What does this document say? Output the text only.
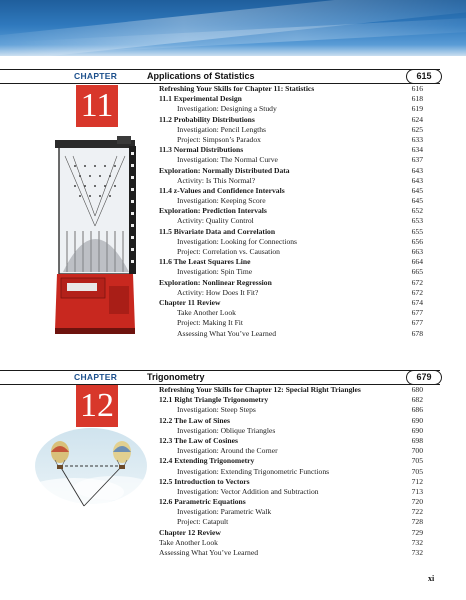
CHAPTER	Applications of Statistics	615
11	Refreshing Your Skills for Chapter 11: Statistics	616
11.1 Experimental Design	618
Investigation: Designing a Study	619
11.2 Probability Distributions	624
Investigation: Pencil Lengths	625
Project: Simpson’s Paradox	633
11.3 Normal Distributions	634
Investigation: The Normal Curve	637
Exploration: Normally Distributed Data	643
Activity: Is This Normal?	643
11.4 z-Values and Confidence Intervals	645
Investigation: Keeping Score	645
Exploration: Prediction Intervals	652
Activity: Quality Control	653
11.5 Bivariate Data and Correlation	655
Investigation: Looking for Connections	656
Project: Correlation vs. Causation	663
11.6 The Least Squares Line	664
Investigation: Spin Time	665
Exploration: Nonlinear Regression	672
Activity: How Does It Fit?	672
Chapter 11 Review	674
Take Another Look	677
Project: Making It Fit	677
Assessing What You’ve Learned	678
CHAPTER	Trigonometry	679
12	Refreshing Your Skills for Chapter 12: Special Right Triangles	680
12.1 Right Triangle Trigonometry	682
Investigation: Steep Steps	686
12.2 The Law of Sines	690
Investigation: Oblique Triangles	690
12.3 The Law of Cosines	698
Investigation: Around the Corner	700
12.4 Extending Trigonometry	705
Investigation: Extending Trigonometric Functions	705
12.5 Introduction to Vectors	712
Investigation: Vector Addition and Subtraction	713
12.6 Parametric Equations	720
Investigation: Parametric Walk	722
Project: Catapult	728
Chapter 12 Review	729
Take Another Look	732
Assessing What You’ve Learned	732
xi
